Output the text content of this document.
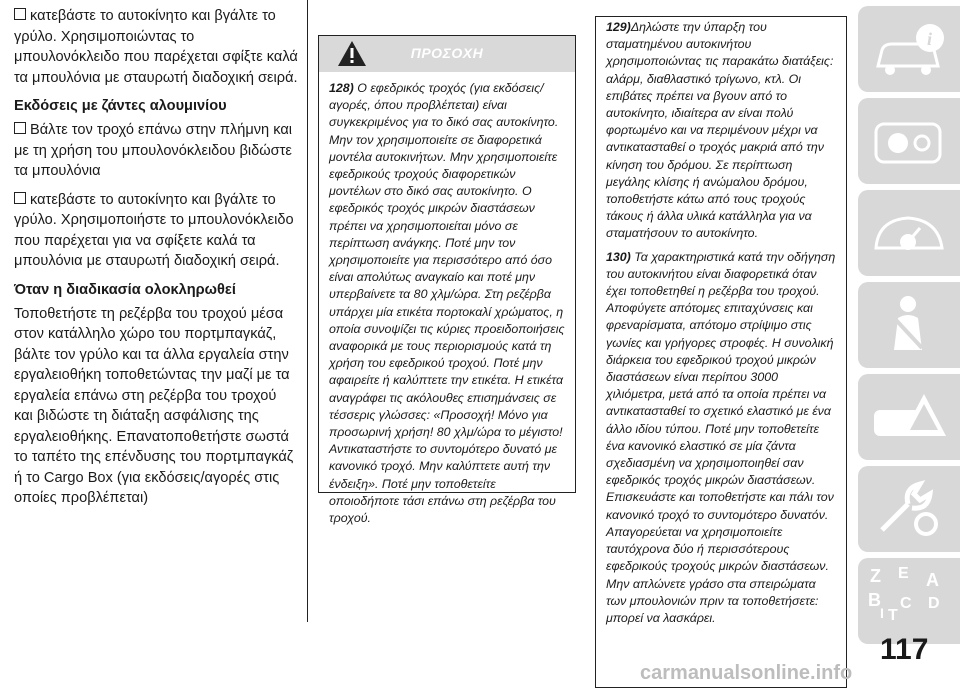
κατεβάστε το αυτοκίνητο και βγάλτε το γρύλο. Χρησιμοποιώντας το μπουλονόκλειδο που παρέχεται σφίξτε καλά τα μπουλόνια με σταυρωτή διαδοχική σειρά.

Εκδόσεις με ζάντες αλουμινίου

Βάλτε τον τροχό επάνω στην πλήμνη και με τη χρήση του μπουλονόκλειδου βιδώστε τα μπουλόνια

κατεβάστε το αυτοκίνητο και βγάλτε το γρύλο. Χρησιμοποιήστε το μπουλονόκλειδο που παρέχεται για να σφίξετε καλά τα μπουλόνια με σταυρωτή διαδοχική σειρά.

Όταν η διαδικασία ολοκληρωθεί

Τοποθετήστε τη ρεζέρβα του τροχού μέσα στον κατάλληλο χώρο του πορτμπαγκάζ, βάλτε τον γρύλο και τα άλλα εργαλεία στην εργαλειοθήκη τοποθετώντας την μαζί με τα εργαλεία επάνω στη ρεζέρβα του τροχού και βιδώστε τη διάταξη ασφάλισης της εργαλειοθήκης. Επανατοποθετήστε σωστά το ταπέτο της επένδυσης του πορτμπαγκάζ ή το Cargo Box (για εκδόσεις/αγορές στις οποίες προβλέπεται)

ΠΡΟΣΟΧΗ
128) Ο εφεδρικός τροχός (για εκδόσεις/ αγορές, όπου προβλέπεται) είναι συγκεκριμένος για το δικό σας αυτοκίνητο. Μην τον χρησιμοποιείτε σε διαφορετικά μοντέλα αυτοκινήτων. Μην χρησιμοποιείτε εφεδρικούς τροχούς διαφορετικών μοντέλων στο δικό σας αυτοκίνητο. Ο εφεδρικός τροχός μικρών διαστάσεων πρέπει να χρησιμοποιείται μόνο σε περίπτωση ανάγκης. Ποτέ μην τον χρησιμοποιείτε για περισσότερο από όσο είναι απολύτως αναγκαίο και ποτέ μην υπερβαίνετε τα 80 χλμ/ώρα. Στη ρεζέρβα υπάρχει μία ετικέτα πορτοκαλί χρώματος, η οποία συνοψίζει τις κύριες προειδοποιήσεις αναφορικά με τους περιορισμούς κατά τη χρήση του εφεδρικού τροχού. Ποτέ μην αφαιρείτε ή καλύπτετε την ετικέτα. Η ετικέτα αναγράφει τις ακόλουθες επισημάνσεις σε τέσσερις γλώσσες: «Προσοχή! Μόνο για προσωρινή χρήση! 80 χλμ/ώρα το μέγιστο! Αντικαταστήστε το συντομότερο δυνατό με κανονικό τροχό. Μην καλύπτετε αυτή την ένδειξη». Ποτέ μην τοποθετείτε οποιοδήποτε τάσι επάνω στη ρεζέρβα του τροχού.

129)Δηλώστε την ύπαρξη του σταματημένου αυτοκινήτου χρησιμοποιώντας τις παρακάτω διατάξεις: αλάρμ, διαθλαστικό τρίγωνο, κτλ. Οι επιβάτες πρέπει να βγουν από το αυτοκίνητο, ιδιαίτερα αν είναι πολύ φορτωμένο και να περιμένουν μέχρι να αντικατασταθεί ο τροχός μακριά από την κίνηση του δρόμου. Σε περίπτωση μεγάλης κλίσης ή ανώμαλου δρόμου, τοποθετήστε κάτω από τους τροχούς τάκους ή άλλα υλικά κατάλληλα για να σταματήσουν το αυτοκίνητο.

130) Τα χαρακτηριστικά κατά την οδήγηση του αυτοκινήτου είναι διαφορετικά όταν έχει τοποθετηθεί η ρεζέρβα του τροχού. Αποφύγετε απότομες επιταχύνσεις και φρεναρίσματα, απότομο στρίψιμο στις γωνίες και γρήγορες στροφές. Η συνολική διάρκεια του εφεδρικού τροχού μικρών διαστάσεων είναι περίπου 3000 χιλιόμετρα, μετά από τα οποία πρέπει να αντικατασταθεί το σχετικό ελαστικό με ένα άλλο ιδίου τύπου. Ποτέ μην τοποθετείτε ένα κανονικό ελαστικό σε μία ζάντα σχεδιασμένη να χρησιμοποιηθεί σαν εφεδρικός τροχός μικρών διαστάσεων. Επισκευάστε και τοποθετήστε και πάλι τον κανονικό τροχό το συντομότερο δυνατόν. Απαγορεύεται να χρησιμοποιείτε ταυτόχρονα δύο ή περισσότερους εφεδρικούς τροχούς μικρών διαστάσεων. Μην απλώνετε γράσο στα σπειρώματα των μπουλονιών πριν τα τοποθετήσετε: μπορεί να λασκάρει.

i
Z E A
B C D
T
I
117
carmanualsonline.info
